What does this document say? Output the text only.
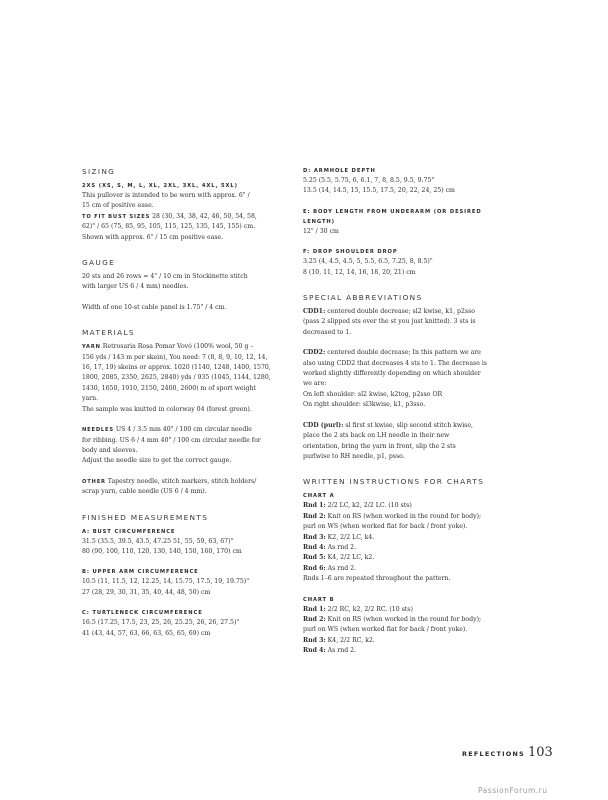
SIZING
2XS (XS, S, M, L, XL, 2XL, 3XL, 4XL, 5XL)
This pullover is intended to be worn with approx. 6" /
15 cm of positive ease.
TO FIT BUST SIZES 28 (30, 34, 38, 42, 46, 50, 54, 58,
62)" / 65 (75, 85, 95, 105, 115, 125, 135, 145, 155) cm.
Shown with approx. 6" / 15 cm positive ease.
GAUGE
20 sts and 26 rows = 4" / 10 cm in Stockinette stitch
with larger US 6 / 4 mm) needles.
Width of one 10-st cable panel is 1.75" / 4 cm.
MATERIALS
YARN Retrosaria Rosa Pomar Vovó (100% wool, 50 g –
156 yds / 143 m per skein), You need: 7 (8, 8, 9, 10, 12, 14,
16, 17, 19) skeins or approx. 1020 (1140, 1248, 1400, 1570,
1800, 2085, 2350, 2625, 2840) yds / 935 (1045, 1144, 1280,
1430, 1650, 1910, 2150, 2400, 2600) m of sport weight
yarn.
The sample was knitted in colorway 04 (forest green).
NEEDLES US 4 / 3.5 mm 40" / 100 cm circular needle
for ribbing. US 6 / 4 mm 40" / 100 cm circular needle for
body and sleeves.
Adjust the needle size to get the correct gauge.
OTHER Tapestry needle, stitch markers, stitch holders/
scrap yarn, cable needle (US 6 / 4 mm).
FINISHED MEASUREMENTS
A: BUST CIRCUMFERENCE
31.5 (35.5, 39.5, 43.5, 47.25 51, 55, 59, 63, 67)"
80 (90, 100, 110, 120, 130, 140, 150, 160, 170) cm
B: UPPER ARM CIRCUMFERENCE
10.5 (11, 11.5, 12, 12.25, 14, 15.75, 17.5, 19, 19.75)"
27 (28, 29, 30, 31, 35, 40, 44, 48, 50) cm
C: TURTLENECK CIRCUMFERENCE
16.5 (17.25, 17.5, 23, 25, 26, 25.25, 26, 26, 27.5)"
41 (43, 44, 57, 63, 66, 63, 65, 65, 69) cm
D: ARMHOLE DEPTH
5.25 (5.5, 5.75, 6, 6.1, 7, 8, 8.5, 9.5, 9.75"
13.5 (14, 14.5, 15, 15.5, 17.5, 20, 22, 24, 25) cm
E: BODY LENGTH FROM UNDERARM (OR DESIRED
LENGTH)
12" / 30 cm
F: DROP SHOULDER DROP
3.25 (4, 4.5, 4.5, 5, 5.5, 6.5, 7.25, 8, 8.5)"
8 (10, 11, 12, 14, 16, 18, 20, 21) cm
SPECIAL ABBREVIATIONS
CDD1: centered double decrease; sl2 kwise, k1, p2sso
(pass 2 slipped sts over the st you just knitted). 3 sts is
decreased to 1.
CDD2: centered double decrease; In this pattern we are
also using CDD2 that decreases 4 sts to 1. The decrease is
worked slightly differently depending on which shoulder
we are:
On left shoulder: sl2 kwise, k2tog, p2sso OR
On right shoulder: sl3kwise, k1, p3sso.
CDD (purl): sl first st kwise, slip second stitch kwise,
place the 2 sts back on LH needle in their new
orientation, bring the yarn in front, slip the 2 sts
purlwise to RH needle, p1, psso.
WRITTEN INSTRUCTIONS FOR CHARTS
CHART A
Rnd 1: 2/2 LC, k2, 2/2 LC. (10 sts)
Rnd 2: Knit on RS (when worked in the round for body);
purl on WS (when worked flat for back / front yoke).
Rnd 3: K2, 2/2 LC, k4.
Rnd 4: As rnd 2.
Rnd 5: K4, 2/2 LC, k2.
Rnd 6: As rnd 2.
Rnds 1–6 are repeated throughout the pattern.
CHART B
Rnd 1: 2/2 RC, k2, 2/2 RC. (10 sts)
Rnd 2: Knit on RS (when worked in the round for body);
purl on WS (when worked flat for back / front yoke).
Rnd 3: K4, 2/2 RC, k2.
Rnd 4: As rnd 2.
REFLECTIONS 103
PassionForum.ru
